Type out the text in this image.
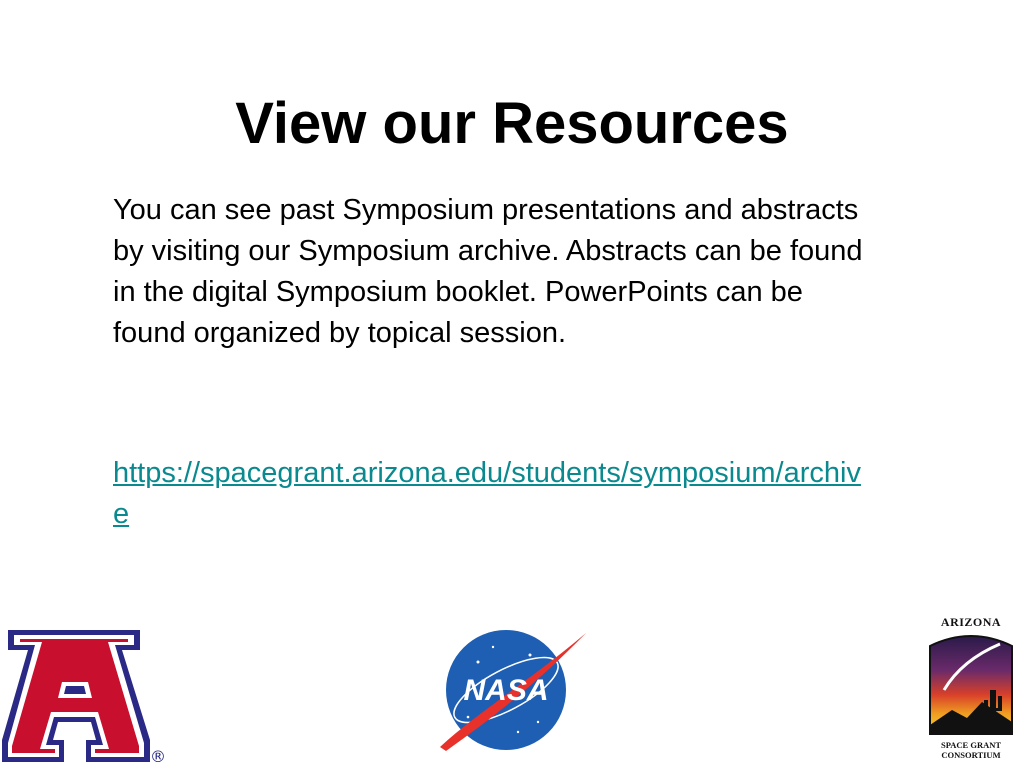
View our Resources
You can see past Symposium presentations and abstracts by visiting our Symposium archive. Abstracts can be found in the digital Symposium booklet. PowerPoints can be found organized by topical session.
https://spacegrant.arizona.edu/students/symposium/archive
®
NASA
ARIZONA
SPACE GRANT
CONSORTIUM
